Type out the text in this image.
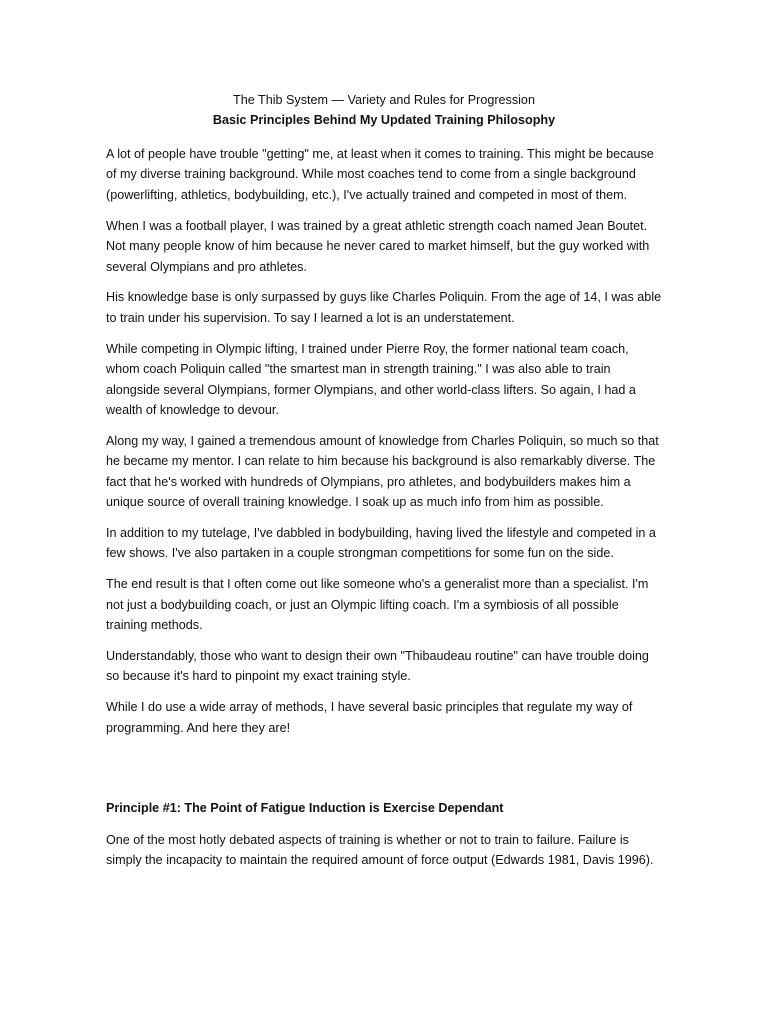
The Thib System — Variety and Rules for Progression

Basic Principles Behind My Updated Training Philosophy

A lot of people have trouble "getting" me, at least when it comes to training. This might be because of my diverse training background. While most coaches tend to come from a single background (powerlifting, athletics, bodybuilding, etc.), I've actually trained and competed in most of them.

When I was a football player, I was trained by a great athletic strength coach named Jean Boutet. Not many people know of him because he never cared to market himself, but the guy worked with several Olympians and pro athletes.

His knowledge base is only surpassed by guys like Charles Poliquin. From the age of 14, I was able to train under his supervision. To say I learned a lot is an understatement.

While competing in Olympic lifting, I trained under Pierre Roy, the former national team coach, whom coach Poliquin called "the smartest man in strength training." I was also able to train alongside several Olympians, former Olympians, and other world-class lifters. So again, I had a wealth of knowledge to devour.

Along my way, I gained a tremendous amount of knowledge from Charles Poliquin, so much so that he became my mentor. I can relate to him because his background is also remarkably diverse. The fact that he's worked with hundreds of Olympians, pro athletes, and bodybuilders makes him a unique source of overall training knowledge. I soak up as much info from him as possible.

In addition to my tutelage, I've dabbled in bodybuilding, having lived the lifestyle and competed in a few shows. I've also partaken in a couple strongman competitions for some fun on the side.

The end result is that I often come out like someone who's a generalist more than a specialist. I'm not just a bodybuilding coach, or just an Olympic lifting coach. I'm a symbiosis of all possible training methods.

Understandably, those who want to design their own "Thibaudeau routine" can have trouble doing so because it's hard to pinpoint my exact training style.

While I do use a wide array of methods, I have several basic principles that regulate my way of programming. And here they are!

Principle #1: The Point of Fatigue Induction is Exercise Dependant

One of the most hotly debated aspects of training is whether or not to train to failure. Failure is simply the incapacity to maintain the required amount of force output (Edwards 1981, Davis 1996).
